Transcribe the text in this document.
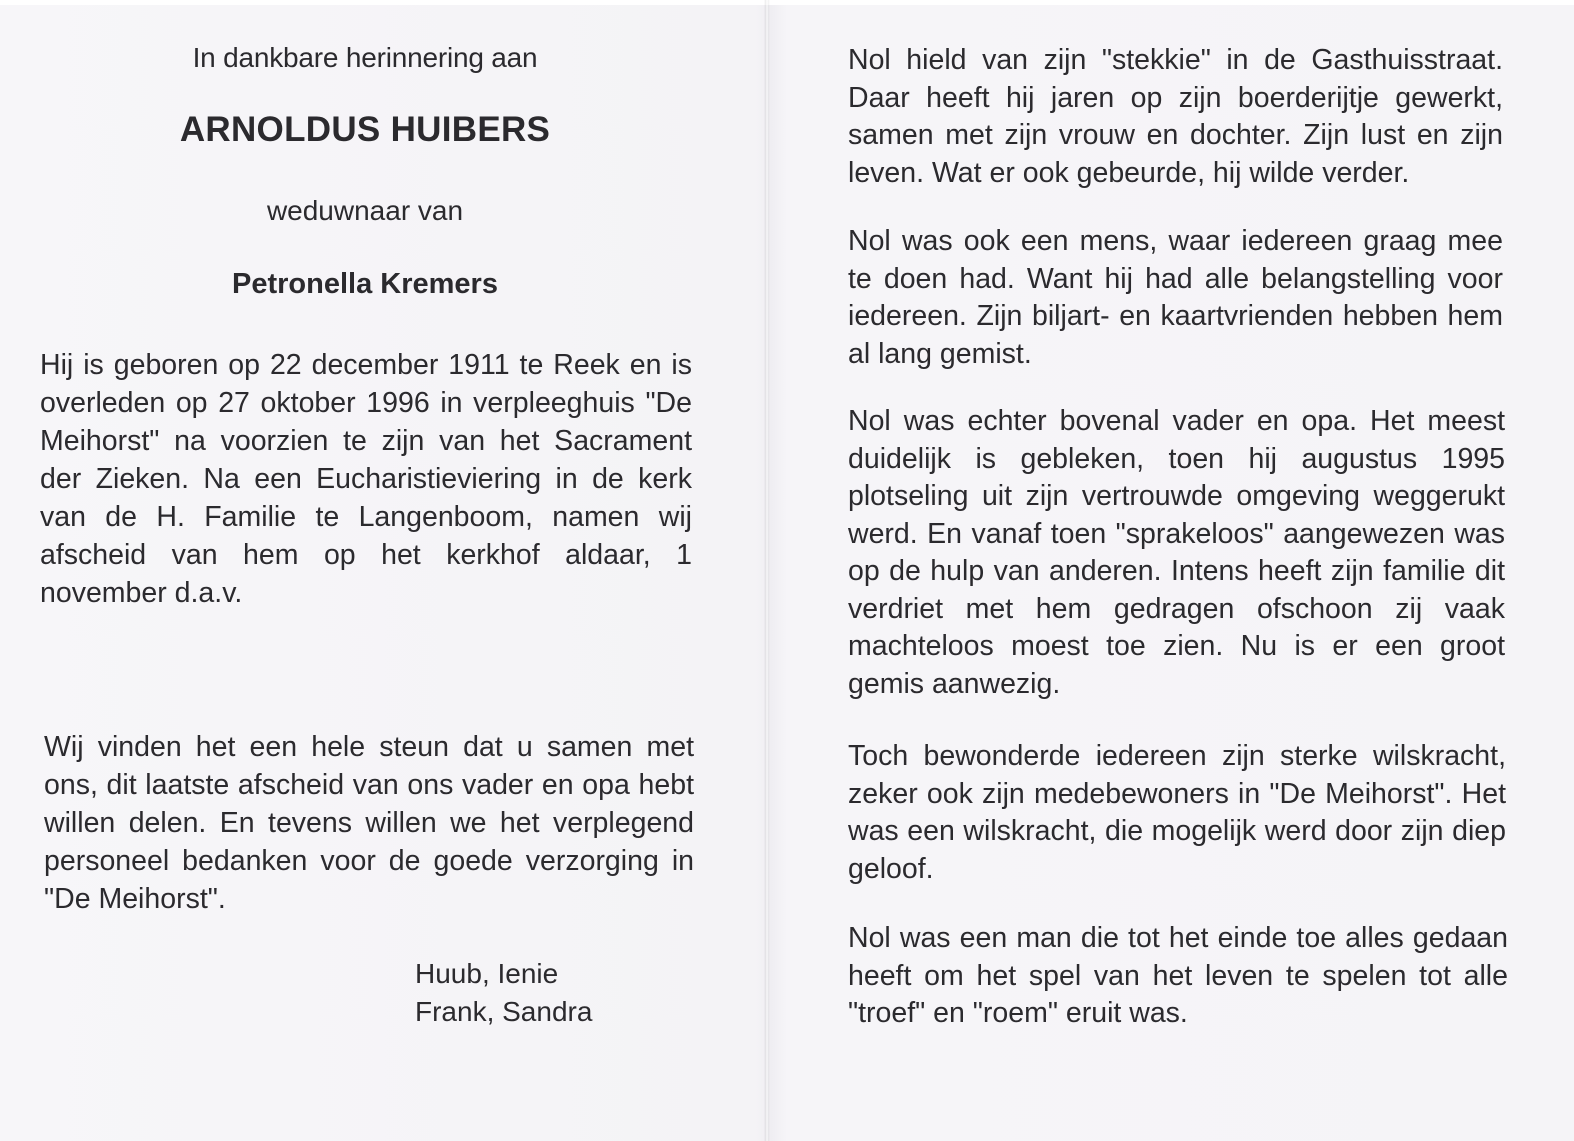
In dankbare herinnering aan

ARNOLDUS HUIBERS

weduwnaar van

Petronella Kremers

Hij is geboren op 22 december 1911 te Reek en is overleden op 27 oktober 1996 in verpleeghuis "De Meihorst" na voorzien te zijn van het Sacrament der Zieken. Na een Eucharistieviering in de kerk van de H. Familie te Langenboom, namen wij afscheid van hem op het kerkhof aldaar, 1 november d.a.v.

Wij vinden het een hele steun dat u samen met ons, dit laatste afscheid van ons vader en opa hebt willen delen. En tevens willen we het verplegend personeel bedanken voor de goede verzorging in "De Meihorst".

Huub, Ienie
Frank, Sandra

Nol hield van zijn "stekkie" in de Gasthuisstraat. Daar heeft hij jaren op zijn boerderijtje gewerkt, samen met zijn vrouw en dochter. Zijn lust en zijn leven. Wat er ook gebeurde, hij wilde verder.

Nol was ook een mens, waar iedereen graag mee te doen had. Want hij had alle belangstelling voor iedereen. Zijn biljart- en kaartvrienden hebben hem al lang gemist.

Nol was echter bovenal vader en opa. Het meest duidelijk is gebleken, toen hij augustus 1995 plotseling uit zijn vertrouwde omgeving weggerukt werd. En vanaf toen "sprakeloos" aangewezen was op de hulp van anderen. Intens heeft zijn familie dit verdriet met hem gedragen ofschoon zij vaak machteloos moest toe zien. Nu is er een groot gemis aanwezig.

Toch bewonderde iedereen zijn sterke wilskracht, zeker ook zijn medebewoners in "De Meihorst". Het was een wilskracht, die mogelijk werd door zijn diep geloof.

Nol was een man die tot het einde toe alles gedaan heeft om het spel van het leven te spelen tot alle "troef" en "roem" eruit was.
